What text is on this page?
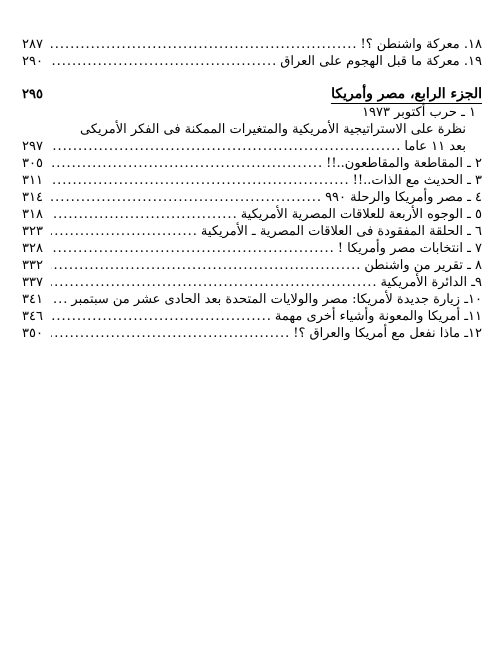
١٨. معركة واشنطن ؟!
.....
٢٨٧
١٩. معركة ما قبل الهجوم على العراق
.....
٢٩٠
الجزء الرابع، مصر وأمريكا
٢٩٥
١ ـ حرب أكتوبر ١٩٧٣
نظرة على الاستراتيجية الأمريكية والمتغيرات الممكنة فى الفكر الأمريكى
بعد ١١ عاما
.....
٢٩٧
٢ ـ المقاطعة والمقاطعون..!!
.....
٣٠٥
٣ ـ الحديث مع الذات..!!
.....
٣١١
٤ ـ مصر وأمريكا والرحلة ٩٩٠
.....
٣١٤
٥ ـ الوجوه الأربعة للعلاقات المصرية الأمريكية
.....
٣١٨
٦ ـ الحلقة المفقودة فى العلاقات المصرية ـ الأمريكية
.....
٣٢٣
٧ ـ انتخابات مصر وأمريكا !
.....
٣٢٨
٨ ـ تقرير من واشنطن
.....
٣٣٢
٩ـ الدائرة الأمريكية
.....
٣٣٧
١٠ـ زيارة جديدة لأمريكا: مصر والولايات المتحدة بعد الحادى عشر من سبتمبر
.....
٣٤١
١١ـ أمريكا والمعونة وأشياء أخرى مهمة
.....
٣٤٦
١٢ـ ماذا نفعل مع أمريكا والعراق ؟!
.....
٣٥٠
